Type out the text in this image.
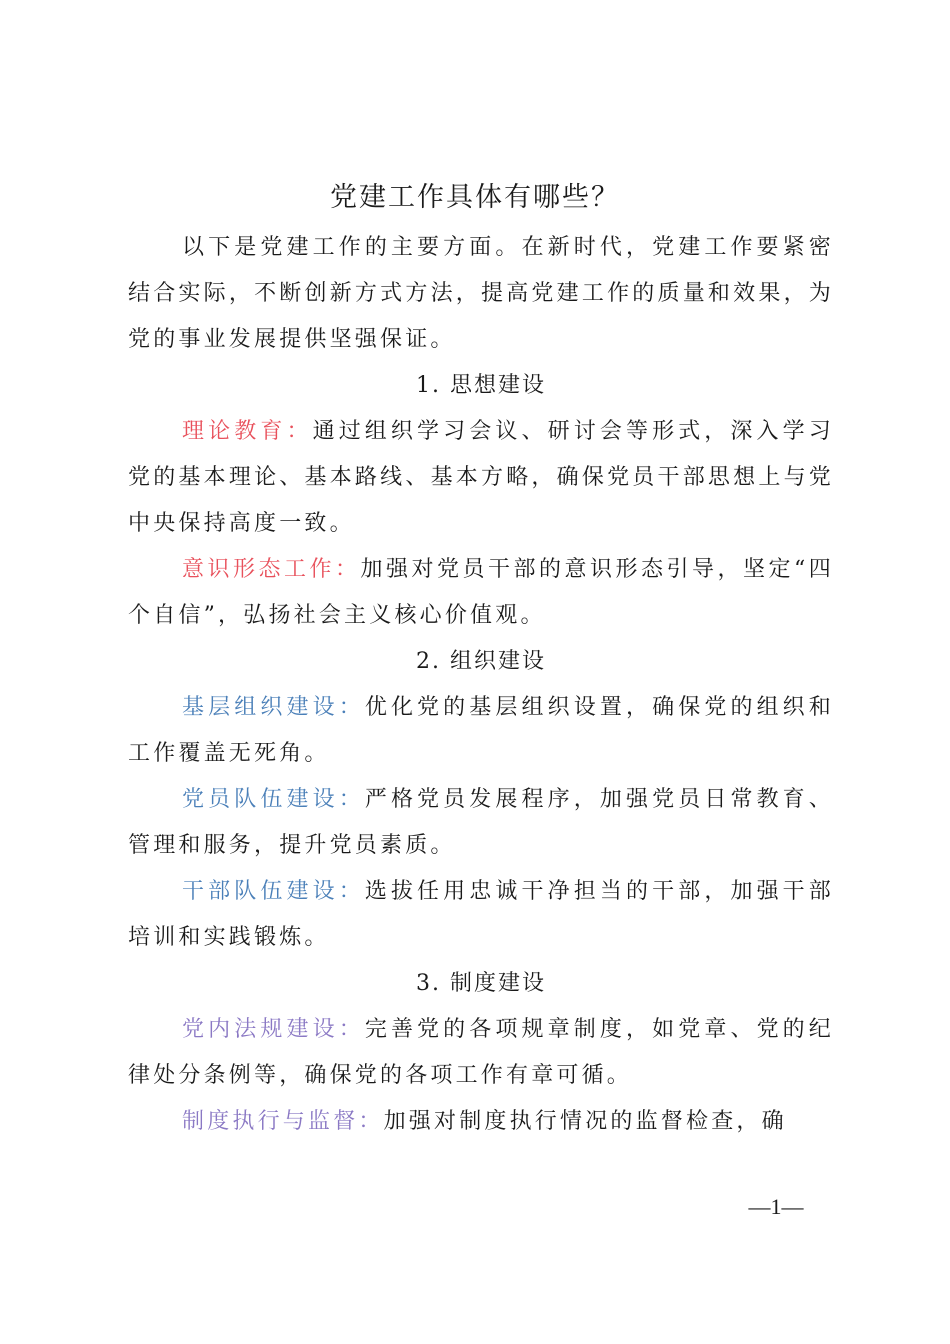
党建工作具体有哪些？

以下是党建工作的主要方面。在新时代，党建工作要紧密结合实际，不断创新方式方法，提高党建工作的质量和效果，为党的事业发展提供坚强保证。

1. 思想建设

理论教育：通过组织学习会议、研讨会等形式，深入学习党的基本理论、基本路线、基本方略，确保党员干部思想上与党中央保持高度一致。

意识形态工作：加强对党员干部的意识形态引导，坚定“四个自信”，弘扬社会主义核心价值观。

2. 组织建设

基层组织建设：优化党的基层组织设置，确保党的组织和工作覆盖无死角。

党员队伍建设：严格党员发展程序，加强党员日常教育、管理和服务，提升党员素质。

干部队伍建设：选拔任用忠诚干净担当的干部，加强干部培训和实践锻炼。

3. 制度建设

党内法规建设：完善党的各项规章制度，如党章、党的纪律处分条例等，确保党的各项工作有章可循。

制度执行与监督：加强对制度执行情况的监督检查，确

—1—
